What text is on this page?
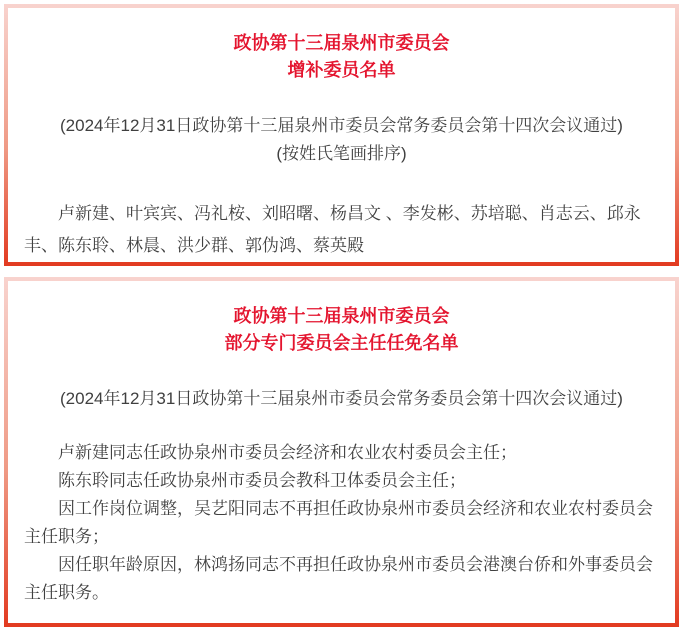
政协第十三届泉州市委员会
增补委员名单

(2024年12月31日政协第十三届泉州市委员会常务委员会第十四次会议通过)

(按姓氏笔画排序)

卢新建、叶宾宾、冯礼桉、刘昭曙、杨昌文 、李发彬、苏培聪、肖志云、邱永丰、陈东聆、林晨、洪少群、郭伪鸿、蔡英殿

政协第十三届泉州市委员会
部分专门委员会主任任免名单

(2024年12月31日政协第十三届泉州市委员会常务委员会第十四次会议通过)

卢新建同志任政协泉州市委员会经济和农业农村委员会主任；

陈东聆同志任政协泉州市委员会教科卫体委员会主任；

因工作岗位调整，吴艺阳同志不再担任政协泉州市委员会经济和农业农村委员会主任职务；

因任职年龄原因，林鸿扬同志不再担任政协泉州市委员会港澳台侨和外事委员会主任职务。
